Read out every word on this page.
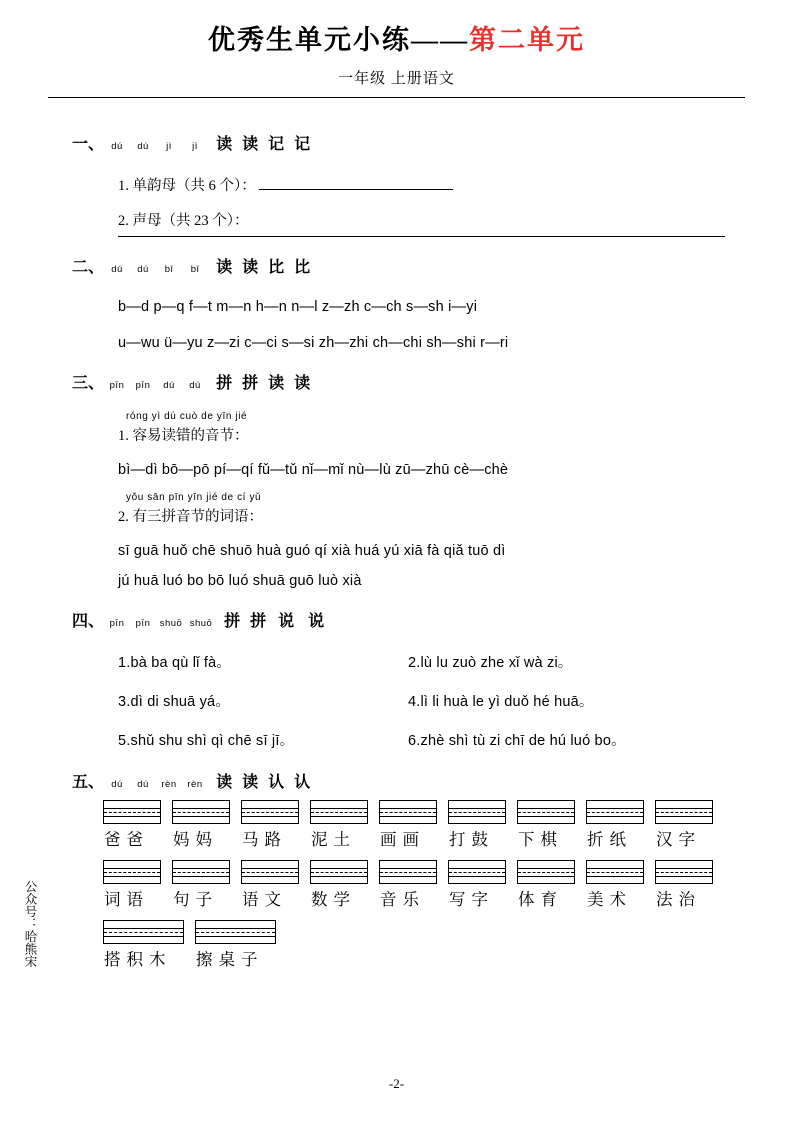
优秀生单元小练——第二单元
一年级 上册语文
一、 dú dú jì jì 读 读 记 记
1. 单韵母（共 6 个）：
2. 声母（共 23 个）：
二、 dú dú bǐ bǐ 读 读 比 比
b—d p—q f—t m—n h—n n—l z—zh c—ch s—sh i—yi
u—wu ü—yu z—zi c—ci s—si zh—zhi ch—chi sh—shi r—ri
三、 pīn pīn dú dú 拼 拼 读 读
róng yì dú cuò de yīn jié
1. 容易读错的音节：
bì—dì bō—pō pí—qí fǔ—tǔ nǐ—mǐ nù—lù zū—zhū cè—chè
yǒu sān pīn yīn jié de cí yǔ
2. 有三拼音节的词语：
sī guā huǒ chē shuō huà guó qí xià huá yú xiā fà qiǎ tuō dì
jú huā luó bo bō luó shuā guō luò xià
四、 pīn pīn shuō shuō 拼 拼 说 说
1.bà ba qù lǐ fà。	2.lù lu zuò zhe xǐ wà zi。
3.dì di shuā yá。	4.lì li huà le yì duǒ hé huā。
5.shǔ shu shì qì chē sī jī。	6.zhè shì tù zi chī de hú luó bo。
五、 dú dú rèn rèn 读 读 认 认
爸爸	妈妈	马路	泥土	画画	打鼓	下棋	折纸	汉字
词语	句子	语文	数学	音乐	写字	体育	美术	法治
搭积木	擦桌子
公众号：哈熊宋
-2-
